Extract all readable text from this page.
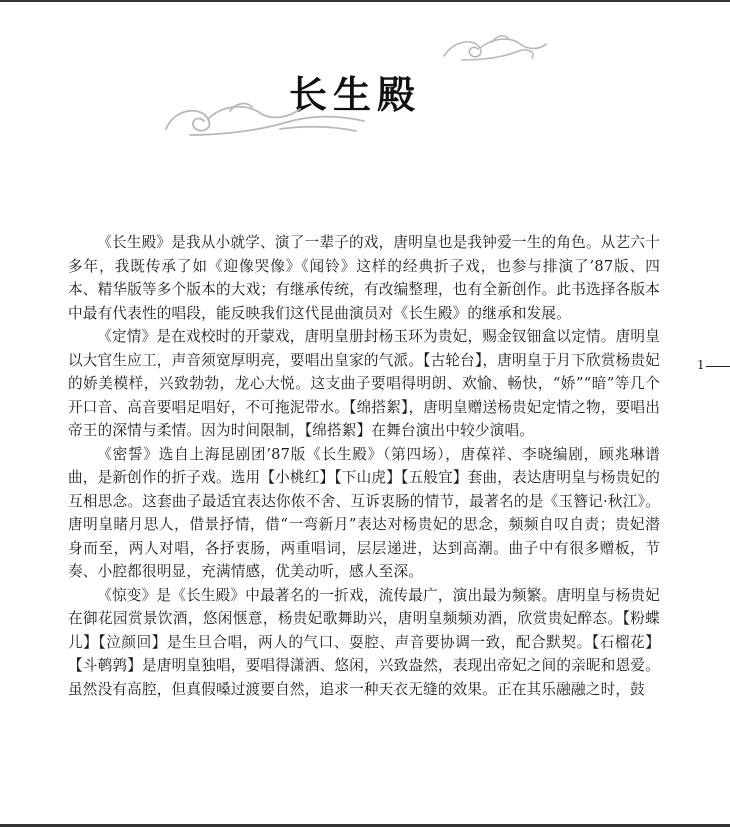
长生殿

《长生殿》是我从小就学、演了一辈子的戏，唐明皇也是我钟爱一生的角色。从艺六十多年，我既传承了如《迎像哭像》《闻铃》这样的经典折子戏，也参与排演了’87版、四本、精华版等多个版本的大戏；有继承传统，有改编整理，也有全新创作。此书选择各版本中最有代表性的唱段，能反映我们这代昆曲演员对《长生殿》的继承和发展。

《定情》是在戏校时的开蒙戏，唐明皇册封杨玉环为贵妃，赐金钗钿盒以定情。唐明皇以大官生应工，声音须宽厚明亮，要唱出皇家的气派。【古轮台】，唐明皇于月下欣赏杨贵妃的娇美模样，兴致勃勃，龙心大悦。这支曲子要唱得明朗、欢愉、畅快，“娇”“暗”等几个开口音、高音要唱足唱好，不可拖泥带水。【绵搭絮】，唐明皇赠送杨贵妃定情之物，要唱出帝王的深情与柔情。因为时间限制，【绵搭絮】在舞台演出中较少演唱。

《密誓》选自上海昆剧团’87版《长生殿》（第四场），唐葆祥、李晓编剧，顾兆琳谱曲，是新创作的折子戏。选用【小桃红】【下山虎】【五般宜】套曲，表达唐明皇与杨贵妃的互相思念。这套曲子最适宜表达你侬不舍、互诉衷肠的情节，最著名的是《玉簪记·秋江》。唐明皇睹月思人，借景抒情，借“一弯新月”表达对杨贵妃的思念，频频自叹自责；贵妃潜身而至，两人对唱，各抒衷肠，两重唱词，层层递进，达到高潮。曲子中有很多赠板，节奏、小腔都很明显，充满情感，优美动听，感人至深。

《惊变》是《长生殿》中最著名的一折戏，流传最广，演出最为频繁。唐明皇与杨贵妃在御花园赏景饮酒，悠闲惬意，杨贵妃歌舞助兴，唐明皇频频劝酒，欣赏贵妃醉态。【粉蝶儿】【泣颜回】是生旦合唱，两人的气口、耍腔、声音要协调一致，配合默契。【石榴花】【斗鹌鹑】是唐明皇独唱，要唱得潇洒、悠闲，兴致盎然，表现出帝妃之间的亲昵和恩爱。虽然没有高腔，但真假嗓过渡要自然，追求一种天衣无缝的效果。正在其乐融融之时，鼓

1
